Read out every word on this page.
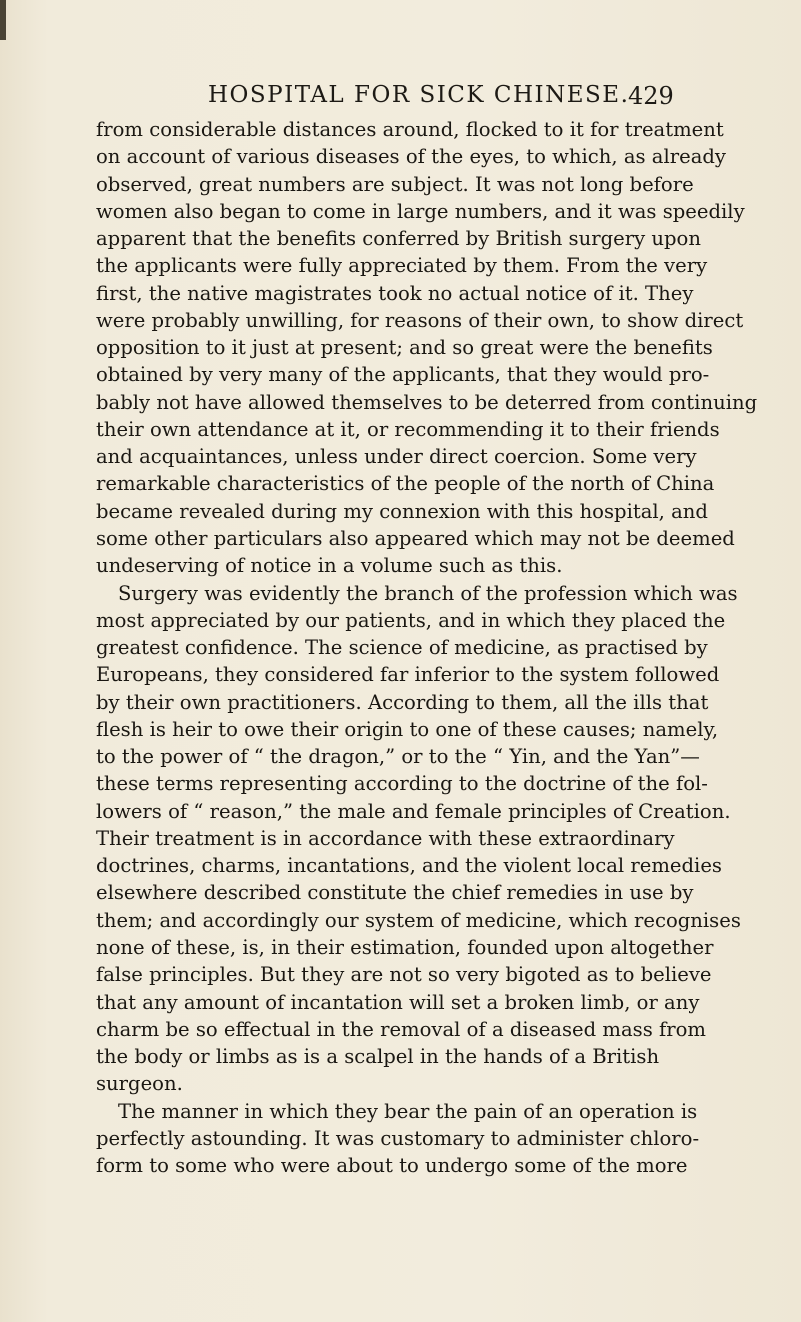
HOSPITAL FOR SICK CHINESE.
429
from considerable distances around, flocked to it for treatment
on account of various diseases of the eyes, to which, as already
observed, great numbers are subject. It was not long before
women also began to come in large numbers, and it was speedily
apparent that the benefits conferred by British surgery upon
the applicants were fully appreciated by them. From the very
first, the native magistrates took no actual notice of it. They
were probably unwilling, for reasons of their own, to show direct
opposition to it just at present; and so great were the benefits
obtained by very many of the applicants, that they would pro-
bably not have allowed themselves to be deterred from continuing
their own attendance at it, or recommending it to their friends
and acquaintances, unless under direct coercion. Some very
remarkable characteristics of the people of the north of China
became revealed during my connexion with this hospital, and
some other particulars also appeared which may not be deemed
undeserving of notice in a volume such as this.
Surgery was evidently the branch of the profession which was
most appreciated by our patients, and in which they placed the
greatest confidence. The science of medicine, as practised by
Europeans, they considered far inferior to the system followed
by their own practitioners. According to them, all the ills that
flesh is heir to owe their origin to one of these causes; namely,
to the power of “ the dragon,” or to the “ Yin, and the Yan”—
these terms representing according to the doctrine of the fol-
lowers of “ reason,” the male and female principles of Creation.
Their treatment is in accordance with these extraordinary
doctrines, charms, incantations, and the violent local remedies
elsewhere described constitute the chief remedies in use by
them; and accordingly our system of medicine, which recognises
none of these, is, in their estimation, founded upon altogether
false principles. But they are not so very bigoted as to believe
that any amount of incantation will set a broken limb, or any
charm be so effectual in the removal of a diseased mass from
the body or limbs as is a scalpel in the hands of a British
surgeon.
The manner in which they bear the pain of an operation is
perfectly astounding. It was customary to administer chloro-
form to some who were about to undergo some of the more
